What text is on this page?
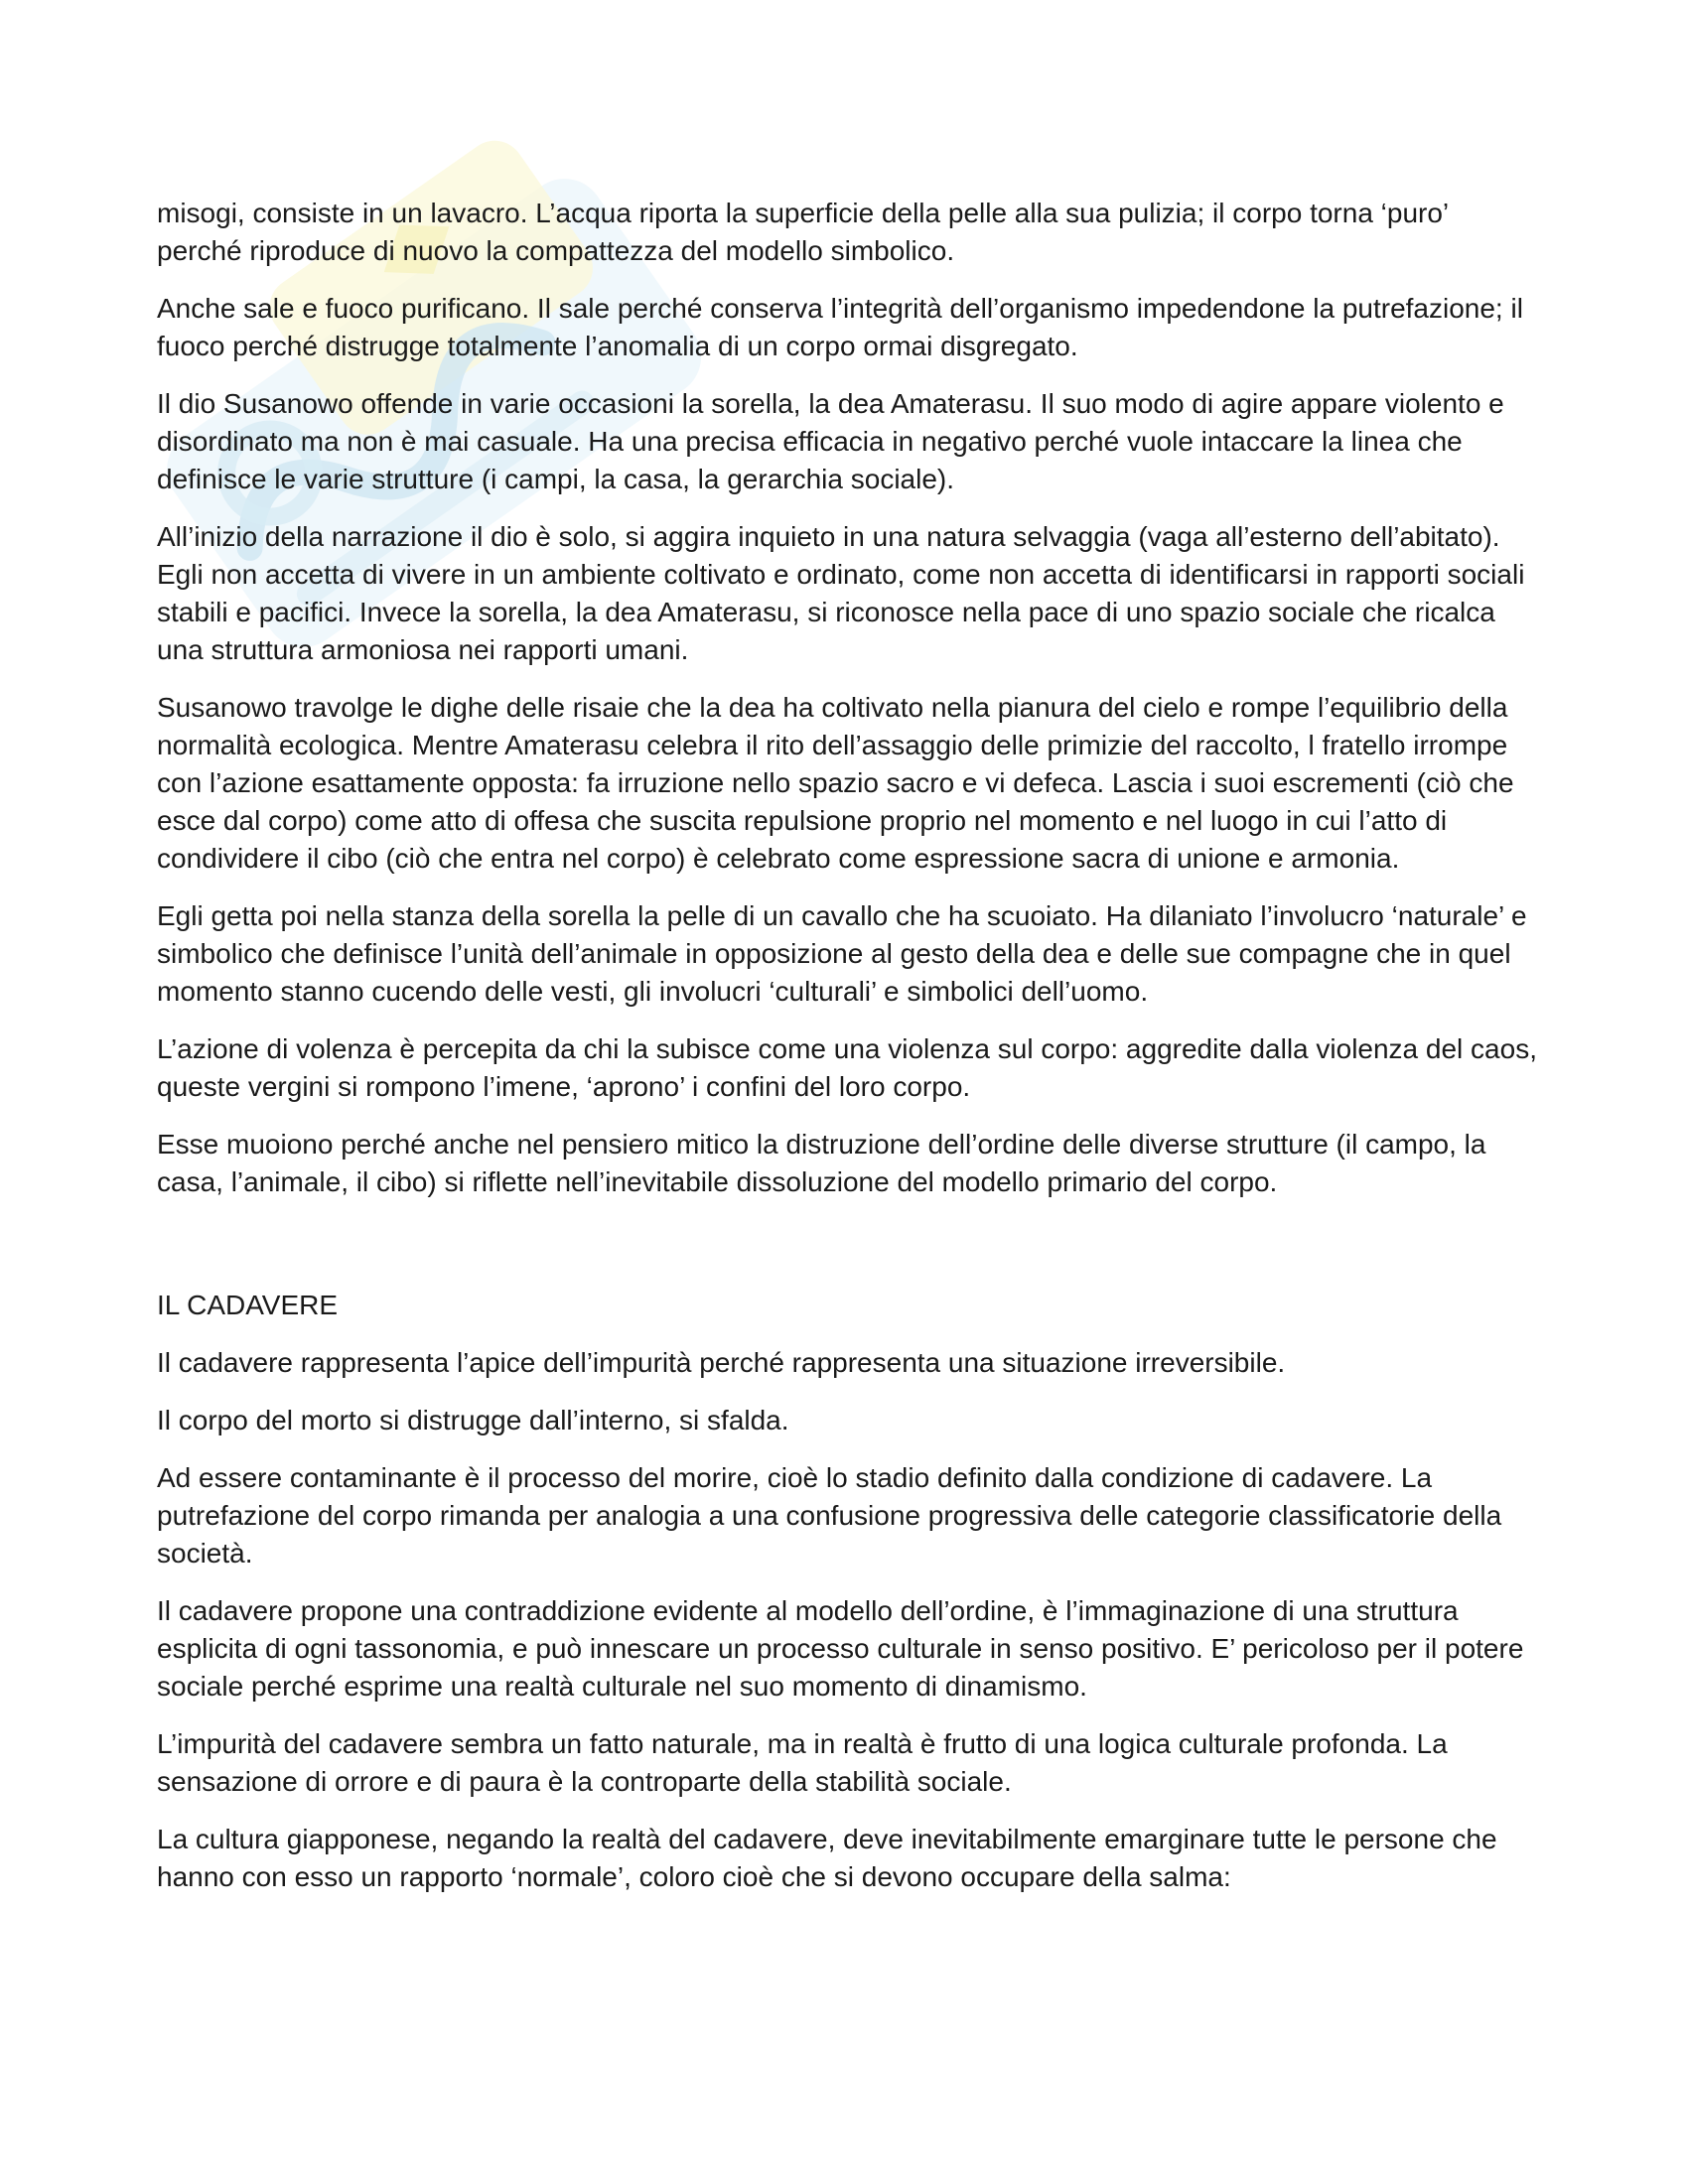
misogi, consiste in un lavacro. L’acqua riporta la superficie della pelle alla sua pulizia; il corpo torna ‘puro’ perché riproduce di nuovo la compattezza del modello simbolico.

Anche sale e fuoco purificano. Il sale perché conserva l’integrità dell’organismo impedendone la putrefazione; il fuoco perché distrugge totalmente l’anomalia di un corpo ormai disgregato.

Il dio Susanowo offende in varie occasioni la sorella, la dea Amaterasu. Il suo modo di agire appare violento e disordinato ma non è mai casuale. Ha una precisa efficacia in negativo perché vuole intaccare la linea che definisce le varie strutture (i campi, la casa, la gerarchia sociale).

All’inizio della narrazione il dio è solo, si aggira inquieto in una natura selvaggia (vaga all’esterno dell’abitato). Egli non accetta di vivere in un ambiente coltivato e ordinato, come non accetta di identificarsi in rapporti sociali stabili e pacifici. Invece la sorella, la dea Amaterasu, si riconosce nella pace di uno spazio sociale che ricalca una struttura armoniosa nei rapporti umani.

Susanowo travolge le dighe delle risaie che la dea ha coltivato nella pianura del cielo e rompe l’equilibrio della normalità ecologica. Mentre Amaterasu celebra il rito dell’assaggio delle primizie del raccolto, l fratello irrompe con l’azione esattamente opposta: fa irruzione nello spazio sacro e vi defeca. Lascia i suoi escrementi (ciò che esce dal corpo) come atto di offesa che suscita repulsione proprio nel momento e nel luogo in cui l’atto di condividere il cibo (ciò che entra nel corpo) è celebrato come espressione sacra di unione e armonia.

Egli getta poi nella stanza della sorella la pelle di un cavallo che ha scuoiato. Ha dilaniato l’involucro ‘naturale’ e simbolico che definisce l’unità dell’animale in opposizione al gesto della dea e delle sue compagne che in quel momento stanno cucendo delle vesti, gli involucri ‘culturali’ e simbolici dell’uomo.

L’azione di volenza è percepita da chi la subisce come una violenza sul corpo: aggredite dalla violenza del caos, queste vergini si rompono l’imene, ‘aprono’ i confini del loro corpo.

Esse muoiono perché anche nel pensiero mitico la distruzione dell’ordine delle diverse strutture (il campo, la casa, l’animale, il cibo) si riflette nell’inevitabile dissoluzione del modello primario del corpo.

IL CADAVERE

Il cadavere rappresenta l’apice dell’impurità perché rappresenta una situazione irreversibile.

Il corpo del morto si distrugge dall’interno, si sfalda.

Ad essere contaminante è il processo del morire, cioè lo stadio definito dalla condizione di cadavere. La putrefazione del corpo rimanda per analogia a una confusione progressiva delle categorie classificatorie della società.

Il cadavere propone una contraddizione evidente al modello dell’ordine, è l’immaginazione di una struttura esplicita di ogni tassonomia, e può innescare un processo culturale in senso positivo. E’ pericoloso per il potere sociale perché esprime una realtà culturale nel suo momento di dinamismo.

L’impurità del cadavere sembra un fatto naturale, ma in realtà è frutto di una logica culturale profonda. La sensazione di orrore e di paura è la controparte della stabilità sociale.

La cultura giapponese, negando la realtà del cadavere, deve inevitabilmente emarginare tutte le persone che hanno con esso un rapporto ‘normale’, coloro cioè che si devono occupare della salma:
